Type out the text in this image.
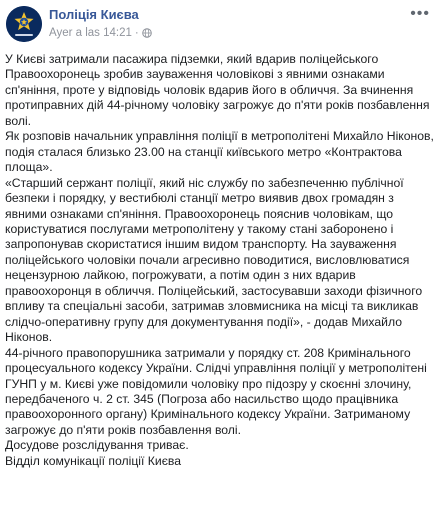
Поліція Києва
Ayer a las 14:21 ·
•••

У Києві затримали пасажира підземки, який вдарив поліцейського Правоохоронець зробив зауваження чоловікові з явними ознаками сп'яніння, проте у відповідь чоловік вдарив його в обличчя. За вчинення протиправних дій 44-річному чоловіку загрожує до п'яти років позбавлення волі.

Як розповів начальник управління поліції в метрополітені Михайло Ніконов, подія сталася близько 23.00 на станції київського метро «Контрактова площа».

«Старший сержант поліції, який ніс службу по забезпеченню публічної безпеки і порядку, у вестибюлі станції метро виявив двох громадян з явними ознаками сп'яніння. Правоохоронець пояснив чоловікам, що користуватися послугами метрополітену у такому стані заборонено і запропонував скористатися іншим видом транспорту. На зауваження поліцейського чоловіки почали агресивно поводитися, висловлюватися нецензурною лайкою, погрожувати, а потім один з них вдарив правоохоронця в обличчя. Поліцейський, застосувавши заходи фізичного впливу та спеціальні засоби, затримав зловмисника на місці та викликав слідчо-оперативну групу для документування події», - додав Михайло Ніконов.

44-річного правопорушника затримали у порядку ст. 208 Кримінального процесуального кодексу України. Слідчі управління поліції у метрополітені ГУНП у м. Києві уже повідомили чоловіку про підозру у скоєнні злочину, передбаченого ч. 2 ст. 345 (Погроза або насильство щодо працівника правоохоронного органу) Кримінального кодексу України. Затриманому загрожує до п'яти років позбавлення волі.

Досудове розслідування триває.

Відділ комунікації поліції Києва
